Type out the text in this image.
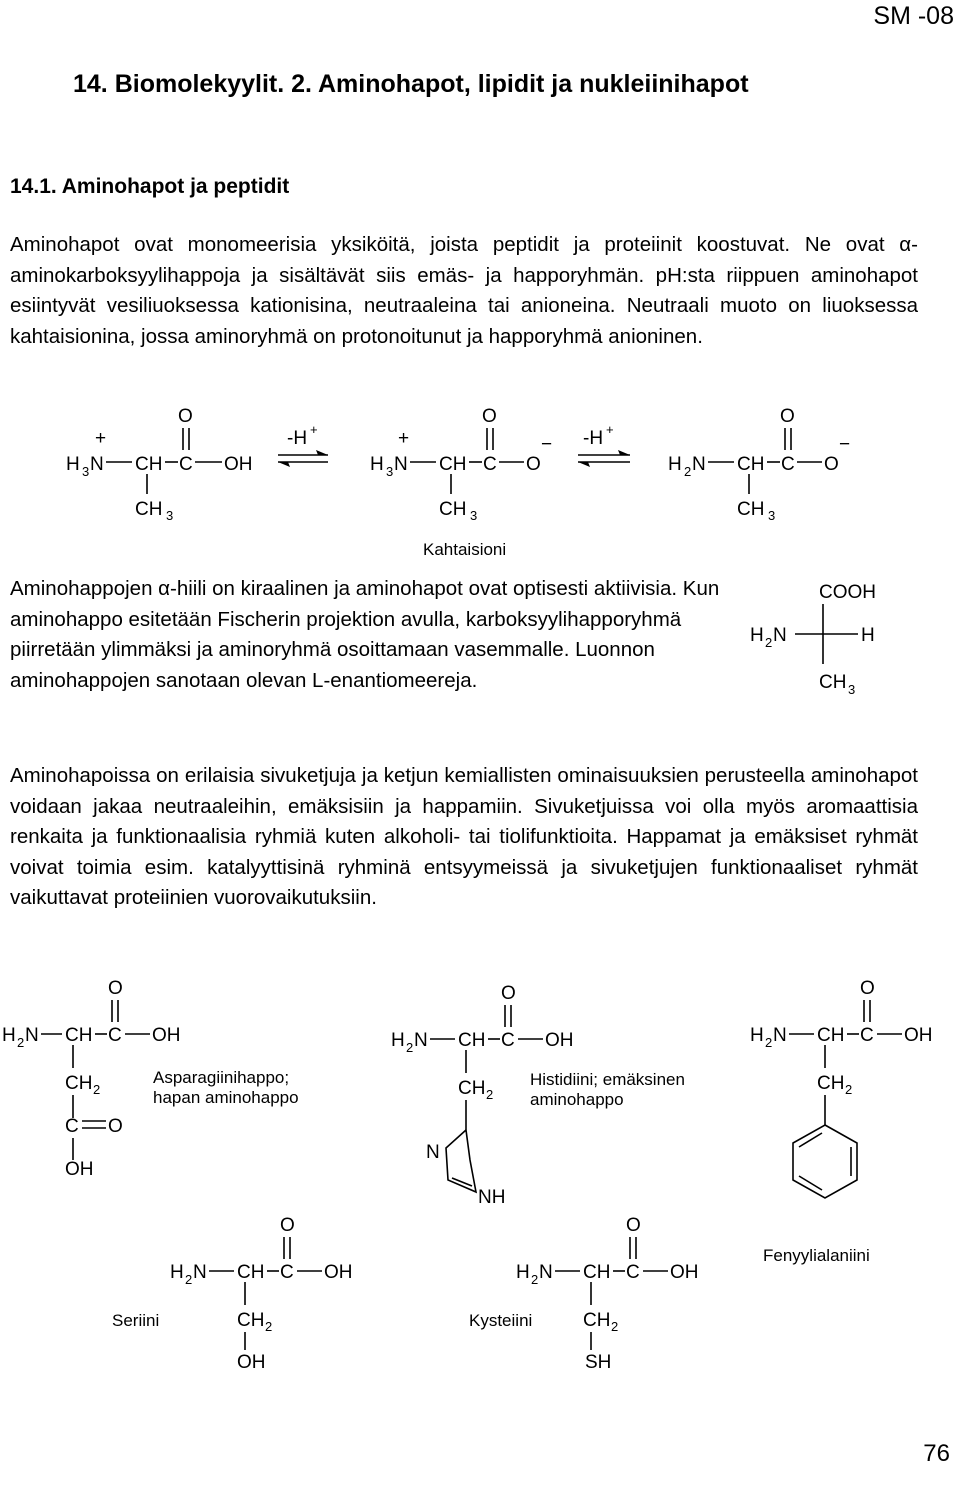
SM -08
14. Biomolekyylit. 2. Aminohapot, lipidit ja nukleiinihapot
14.1. Aminohapot ja peptidit
Aminohapot ovat monomeerisia yksiköitä, joista peptidit ja proteiinit koostuvat. Ne ovat α-aminokarboksyylihappoja ja sisältävät siis emäs- ja happoryhmän. pH:sta riippuen aminohapot esiintyvät vesiliuoksessa kationisina, neutraaleina tai anioneina. Neutraali muoto on liuoksessa kahtaisionina, jossa aminoryhmä on protonoitunut ja happoryhmä anioninen.
+
H 3 N CH C
O
OH
CH 3
-H +	+
H 3 N CH C
O
O
−
CH 3
-H +
H 2 N CH C
O
O
−
CH 3
Kahtaisioni
COOH
H 2 N	H
CH 3
H 2 N CH C
O
OH
CH 2
C O
OH
Asparagiinihappo;
hapan aminohappo
H 2 N CH C
O
OH
CH 2
N
NH
Histidiini; emäksinen
aminohappo
H 2 N CH C
O
OH
CH 2
Fenyylialaniini
H 2 N CH C
O
OH
CH 2
OH
Seriini
H 2 N CH C
O
OH
CH 2
SH
Kysteiini
Aminohappojen α-hiili on kiraalinen ja aminohapot ovat optisesti aktiivisia. Kun aminohappo esitetään Fischerin projektion avulla, karboksyylihapporyhmä piirretään ylimmäksi ja aminoryhmä osoittamaan vasemmalle. Luonnon aminohappojen sanotaan olevan L-enantiomeereja.
Aminohapoissa on erilaisia sivuketjuja ja ketjun kemiallisten ominaisuuksien perusteella aminohapot voidaan jakaa neutraaleihin, emäksisiin ja happamiin. Sivuketjuissa voi olla myös aromaattisia renkaita ja funktionaalisia ryhmiä kuten alkoholi- tai tiolifunktioita. Happamat ja emäksiset ryhmät voivat toimia esim. katalyyttisinä ryhminä entsyymeissä ja sivuketjujen funktionaaliset ryhmät vaikuttavat proteiinien vuorovaikutuksiin.
76
